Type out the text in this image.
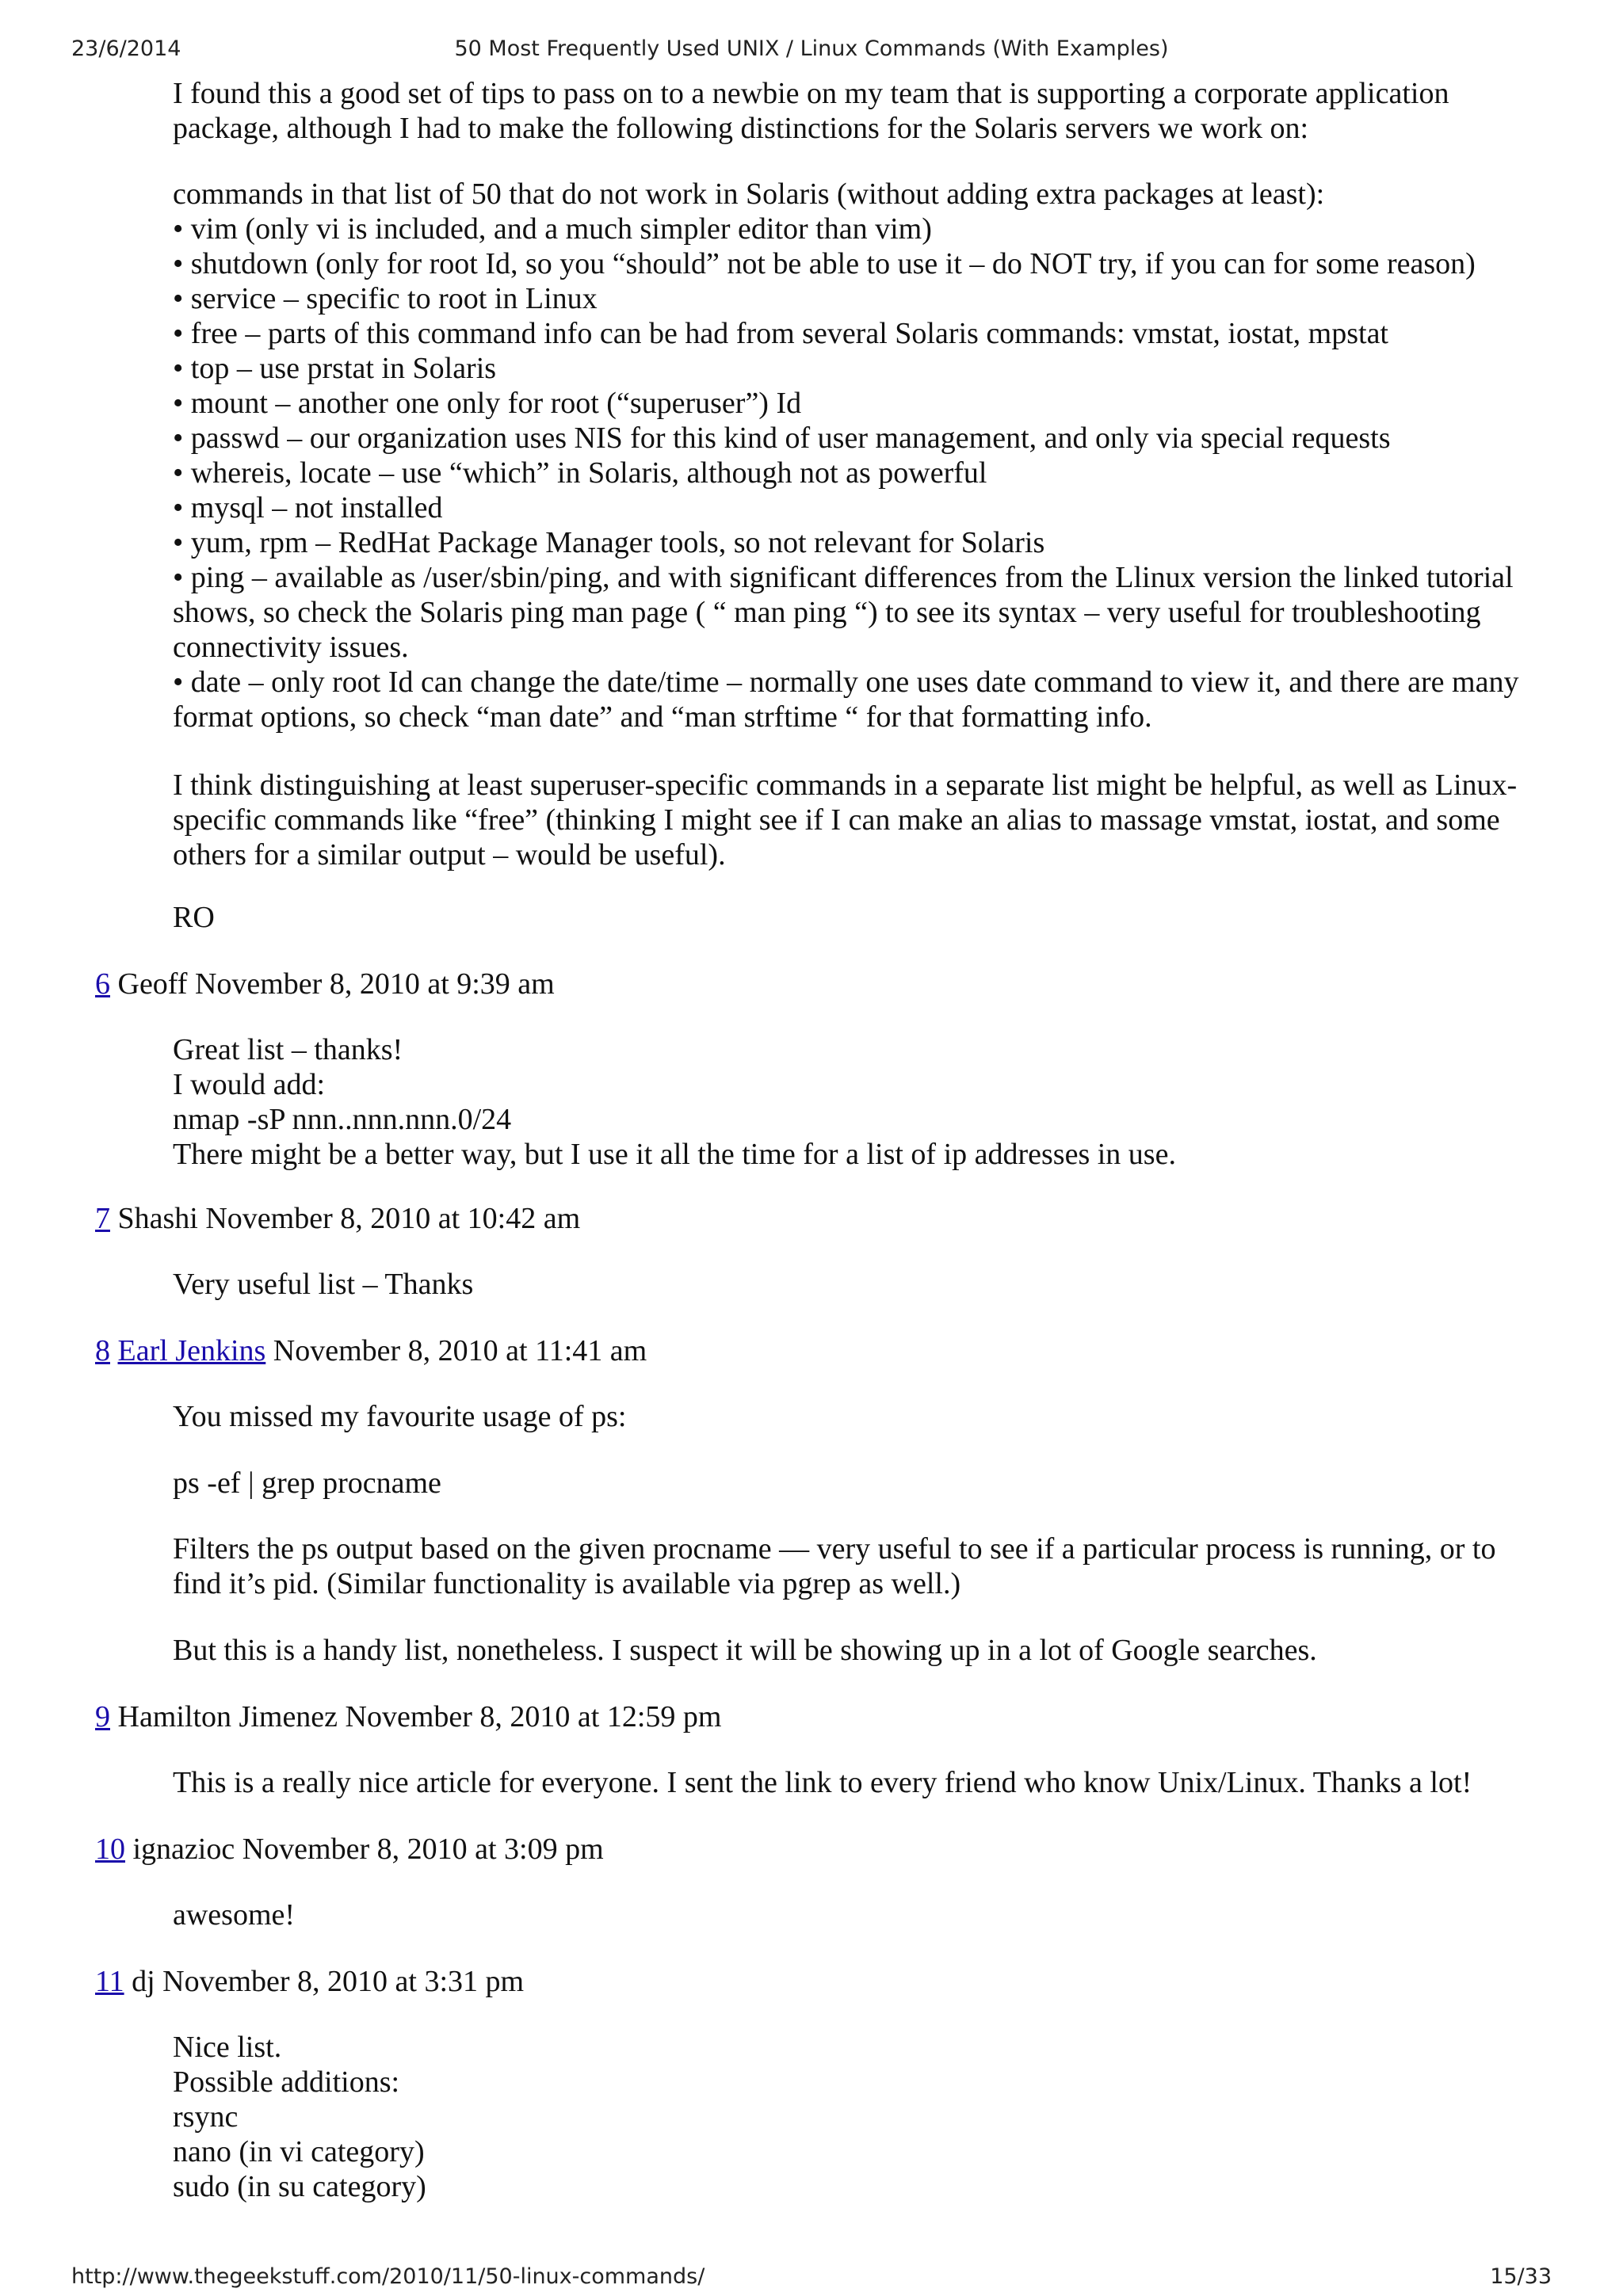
23/6/2014	50 Most Frequently Used UNIX / Linux Commands (With Examples)
I found this a good set of tips to pass on to a newbie on my team that is supporting a corporate application
package, although I had to make the following distinctions for the Solaris servers we work on:
commands in that list of 50 that do not work in Solaris (without adding extra packages at least):
• vim (only vi is included, and a much simpler editor than vim)
• shutdown (only for root Id, so you “should” not be able to use it – do NOT try, if you can for some reason)
• service – specific to root in Linux
• free – parts of this command info can be had from several Solaris commands: vmstat, iostat, mpstat
• top – use prstat in Solaris
• mount – another one only for root (“superuser”) Id
• passwd – our organization uses NIS for this kind of user management, and only via special requests
• whereis, locate – use “which” in Solaris, although not as powerful
• mysql – not installed
• yum, rpm – RedHat Package Manager tools, so not relevant for Solaris
• ping – available as /user/sbin/ping, and with significant differences from the Llinux version the linked tutorial
shows, so check the Solaris ping man page ( “ man ping “) to see its syntax – very useful for troubleshooting
connectivity issues.
• date – only root Id can change the date/time – normally one uses date command to view it, and there are many
format options, so check “man date” and “man strftime “ for that formatting info.
I think distinguishing at least superuser-specific commands in a separate list might be helpful, as well as Linux-
specific commands like “free” (thinking I might see if I can make an alias to massage vmstat, iostat, and some
others for a similar output – would be useful).
RO
6 Geoff November 8, 2010 at 9:39 am
Great list – thanks!
I would add:
nmap -sP nnn..nnn.nnn.0/24
There might be a better way, but I use it all the time for a list of ip addresses in use.
7 Shashi November 8, 2010 at 10:42 am
Very useful list – Thanks
8 Earl Jenkins November 8, 2010 at 11:41 am
You missed my favourite usage of ps:
ps -ef | grep procname
Filters the ps output based on the given procname — very useful to see if a particular process is running, or to
find it’s pid. (Similar functionality is available via pgrep as well.)
But this is a handy list, nonetheless. I suspect it will be showing up in a lot of Google searches.
9 Hamilton Jimenez November 8, 2010 at 12:59 pm
This is a really nice article for everyone. I sent the link to every friend who know Unix/Linux. Thanks a lot!
10 ignazioc November 8, 2010 at 3:09 pm
awesome!
11 dj November 8, 2010 at 3:31 pm
Nice list.
Possible additions:
rsync
nano (in vi category)
sudo (in su category)
http://www.thegeekstuff.com/2010/11/50-linux-commands/	15/33
